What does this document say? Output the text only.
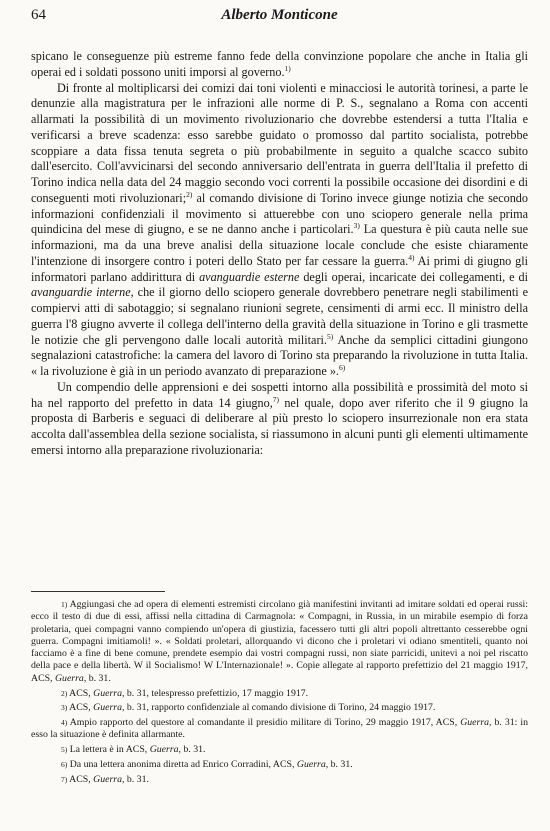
64	Alberto Monticone

spicano le conseguenze più estreme fanno fede della convinzione popolare che anche in Italia gli operai ed i soldati possono uniti imporsi al governo.$^{1)}$

Di fronte al moltiplicarsi dei comizi dai toni violenti e minacciosi le autorità torinesi, a parte le denunzie alla magistratura per le infrazioni alle norme di P. S., segnalano a Roma con accenti allarmati la possibilità di un movimento rivoluzionario che dovrebbe estendersi a tutta l'Italia e verificarsi a breve scadenza: esso sarebbe guidato o promosso dal partito socialista, potrebbe scoppiare a data fissa tenuta segreta o più probabilmente in seguito a qualche scacco subito dall'esercito. Coll'avvicinarsi del secondo anniversario dell'entrata in guerra dell'Italia il prefetto di Torino indica nella data del 24 maggio secondo voci correnti la possibile occasione dei disordini e di conseguenti moti rivoluzionari;$^{2)}$ al comando divisione di Torino invece giunge notizia che secondo informazioni confidenziali il movimento si attuerebbe con uno sciopero generale nella prima quindicina del mese di giugno, e se ne danno anche i particolari.$^{3)}$ La questura è più cauta nelle sue informazioni, ma da una breve analisi della situazione locale conclude che esiste chiaramente l'intenzione di insorgere contro i poteri dello Stato per far cessare la guerra.$^{4)}$ Ai primi di giugno gli informatori parlano addirittura di avanguardie esterne degli operai, incaricate dei collegamenti, e di avanguardie interne, che il giorno dello sciopero generale dovrebbero penetrare negli stabilimenti e compiervi atti di sabotaggio; si segnalano riunioni segrete, censimenti di armi ecc. Il ministro della guerra l'8 giugno avverte il collega dell'interno della gravità della situazione in Torino e gli trasmette le notizie che gli pervengono dalle locali autorità militari.$^{5)}$ Anche da semplici cittadini giungono segnalazioni catastrofiche: la camera del lavoro di Torino sta preparando la rivoluzione in tutta Italia. « la rivoluzione è già in un periodo avanzato di preparazione ».$^{6)}$

Un compendio delle apprensioni e dei sospetti intorno alla possibilità e prossimità del moto si ha nel rapporto del prefetto in data 14 giugno,$^{7)}$ nel quale, dopo aver riferito che il 9 giugno la proposta di Barberis e seguaci di deliberare al più presto lo sciopero insurrezionale non era stata accolta dall'assemblea della sezione socialista, si riassumono in alcuni punti gli elementi ultimamente emersi intorno alla preparazione rivoluzionaria:

1) Aggiungasi che ad opera di elementi estremisti circolano già manifestini invitanti ad imitare soldati ed operai russi: ecco il testo di due di essi, affissi nella cittadina di Carmagnola: « Compagni, in Russia, in un mirabile esempio di forza proletaria, quei compagni vanno compiendo un'opera di giustizia, facessero tutti gli altri popoli altrettanto cesserebbe ogni guerra. Compagni imitiamoli! ». « Soldati proletari, allorquando vi dicono che i proletari vi odiano smentiteli, quanto noi facciamo è a fine di bene comune, prendete esempio dai vostri compagni russi, non siate parricidi, unitevi a noi pel riscatto della pace e della libertà. W il Socialismo! W L'Internazionale! ». Copie allegate al rapporto prefettizio del 21 maggio 1917, ACS, Guerra, b. 31.

2) ACS, Guerra, b. 31, telespresso prefettizio, 17 maggio 1917.

3) ACS, Guerra, b. 31, rapporto confidenziale al comando divisione di Torino, 24 maggio 1917.

4) Ampio rapporto del questore al comandante il presidio militare di Torino, 29 maggio 1917, ACS, Guerra, b. 31: in esso la situazione è definita allarmante.

5) La lettera è in ACS, Guerra, b. 31.

6) Da una lettera anonima diretta ad Enrico Corradini, ACS, Guerra, b. 31.

7) ACS, Guerra, b. 31.
